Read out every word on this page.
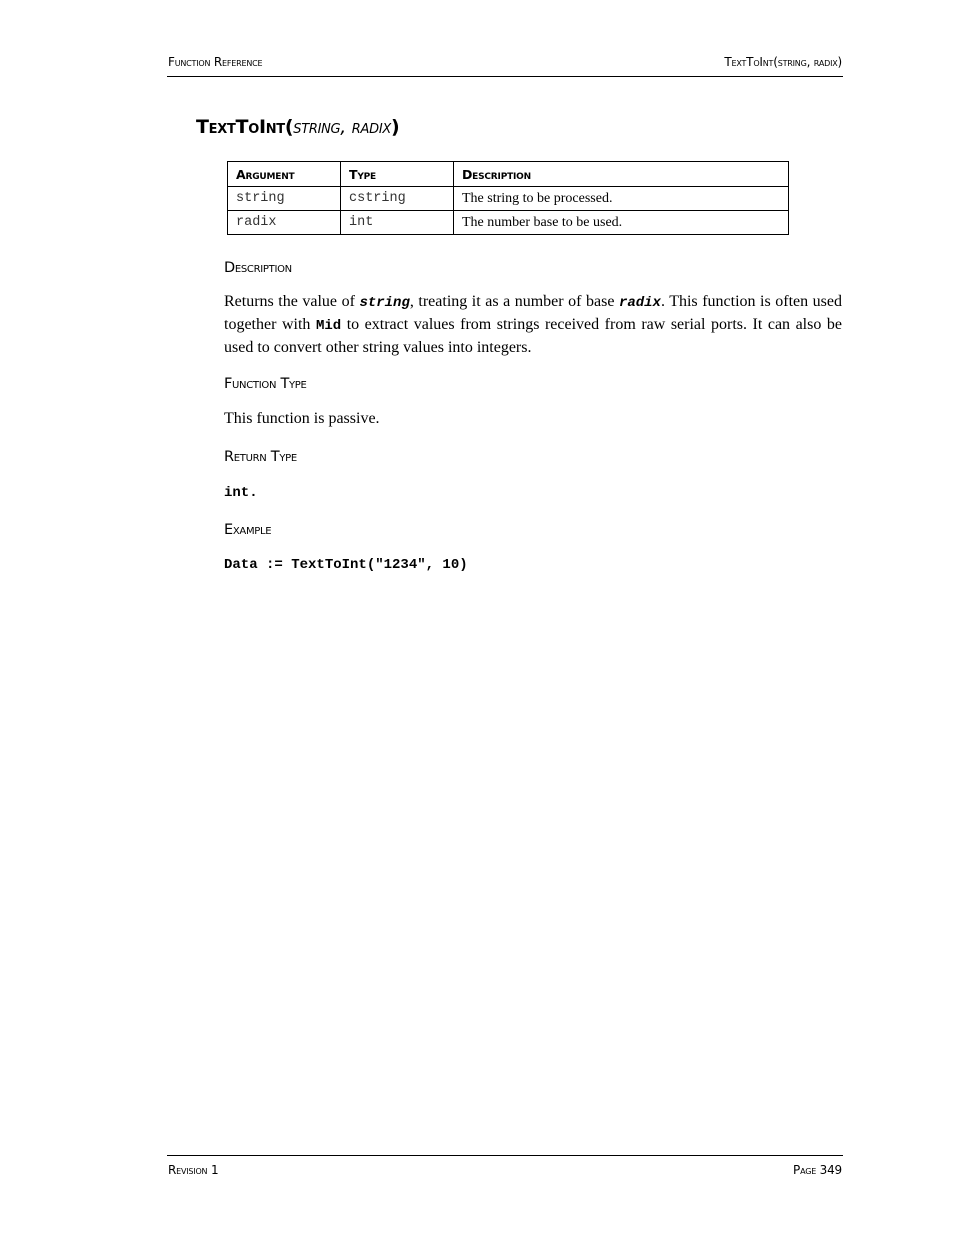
Function Reference	TextToInt(string, radix)
TextToInt(string, radix)
Argument	Type	Description
string	cstring	The string to be processed.
radix	int	The number base to be used.
Description
Returns the value of string, treating it as a number of base radix. This function is often used together with Mid to extract values from strings received from raw serial ports. It can also be used to convert other string values into integers.
Function Type
This function is passive.
Return Type
int.
Example
Data := TextToInt("1234", 10)
Revision 1	Page 349
